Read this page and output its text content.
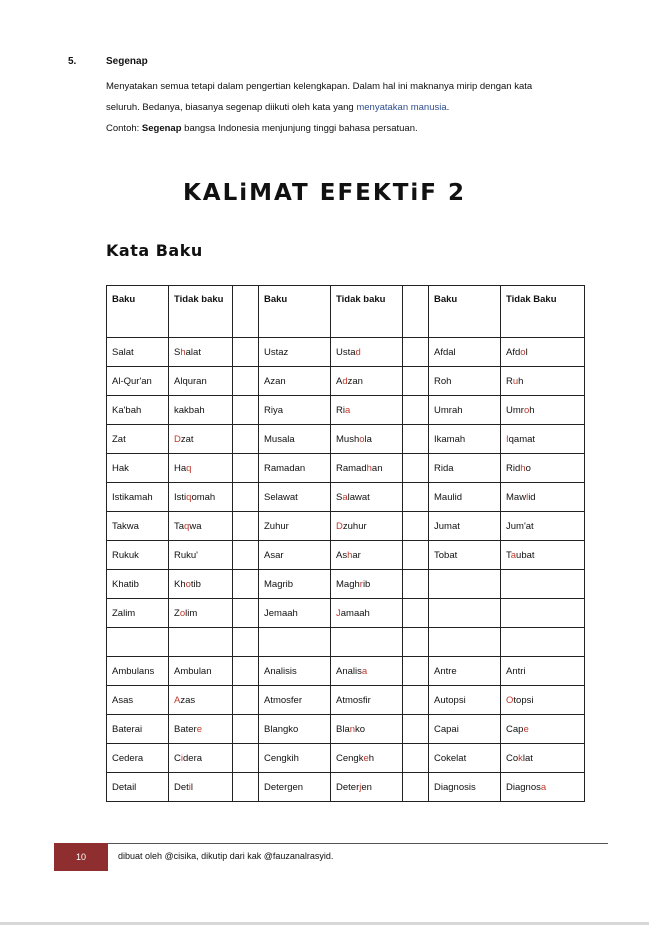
5.	Segenap
Menyatakan semua tetapi dalam pengertian kelengkapan. Dalam hal ini maknanya mirip dengan kata
seluruh. Bedanya, biasanya segenap diikuti oleh kata yang menyatakan manusia.
Contoh: Segenap bangsa Indonesia menjunjung tinggi bahasa persatuan.
KALiMAT EFEKTiF 2
Kata Baku
Baku	Tidak baku		Baku	Tidak baku		Baku	Tidak Baku
Salat	Shalat		Ustaz	Ustad		Afdal	Afdol
Al-Qur'an	Alquran		Azan	Adzan		Roh	Ruh
Ka'bah	kakbah		Riya	Ria		Umrah	Umroh
Zat	Dzat		Musala	Mushola		Ikamah	Iqamat
Hak	Haq		Ramadan	Ramadhan		Rida	Ridho
Istikamah	Istiqomah		Selawat	Salawat		Maulid	Mawlid
Takwa	Taqwa		Zuhur	Dzuhur		Jumat	Jum'at
Rukuk	Ruku'		Asar	Ashar		Tobat	Taubat
Khatib	Khotib		Magrib	Maghrib			
Zalim	Zolim		Jemaah	Jamaah			

Ambulans	Ambulan		Analisis	Analisa		Antre	Antri
Asas	Azas		Atmosfer	Atmosfir		Autopsi	Otopsi
Baterai	Batere		Blangko	Blanko		Capai	Cape
Cedera	Cidera		Cengkih	Cengkeh		Cokelat	Coklat
Detail	Detil		Detergen	Deterjen		Diagnosis	Diagnosa
10	dibuat oleh @cisika, dikutip dari kak @fauzanalrasyid.
